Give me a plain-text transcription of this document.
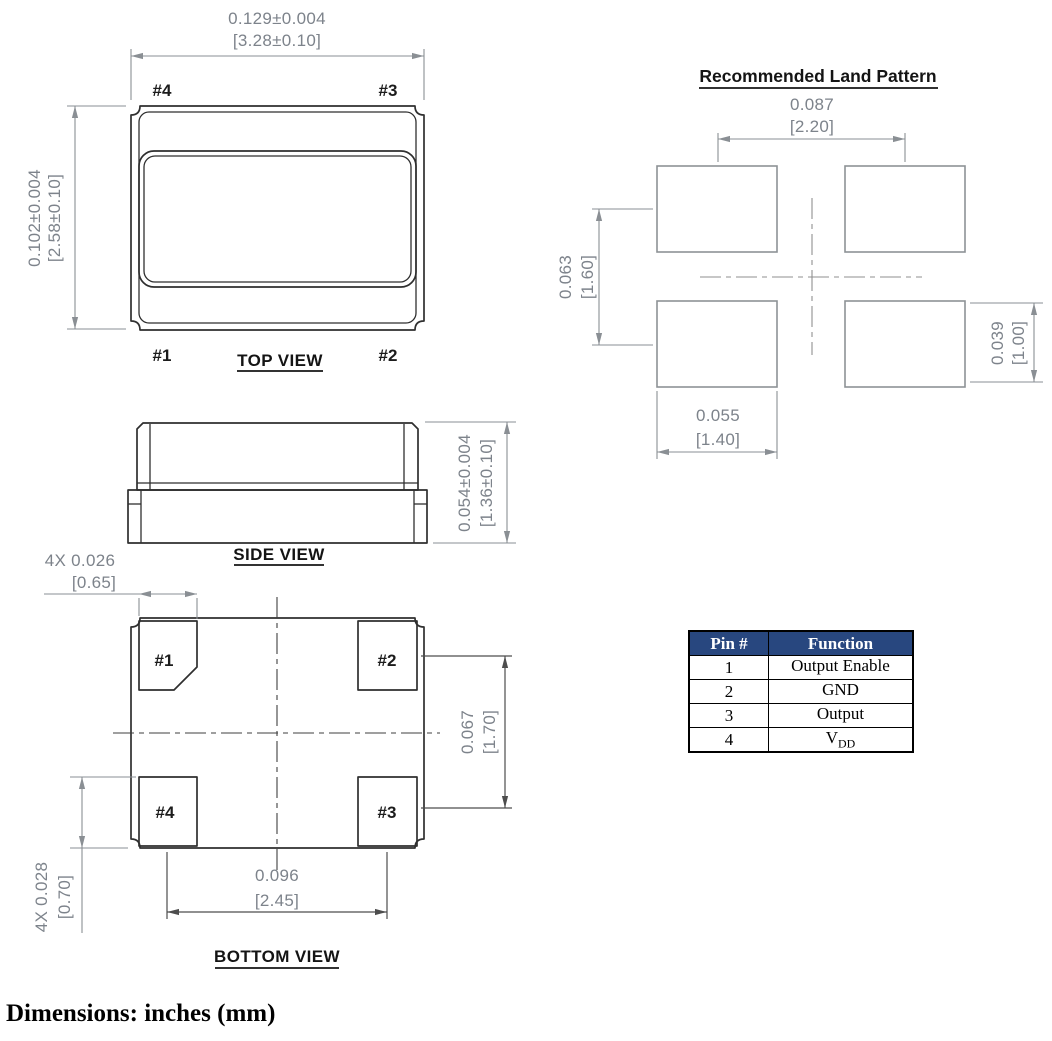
0.129±0.004
[3.28±0.10]
0.102±0.004 [2.58±0.10]
#4	#3
#1	#2
TOP VIEW
0.054±0.004 [1.36±0.10]
SIDE VIEW
#1	#2
#4	#3
4X 0.026
[0.65]
4X 0.028 [0.70]	0.096
[2.45]
0.067 [1.70]
BOTTOM VIEW
Recommended Land Pattern
0.087
[2.20]
0.063 [1.60]
0.055
[1.40]
0.039 [1.00]
Pin #	Function
1	Output Enable
2	GND
3	Output
4	$V_{DD}$
Dimensions: inches (mm)
